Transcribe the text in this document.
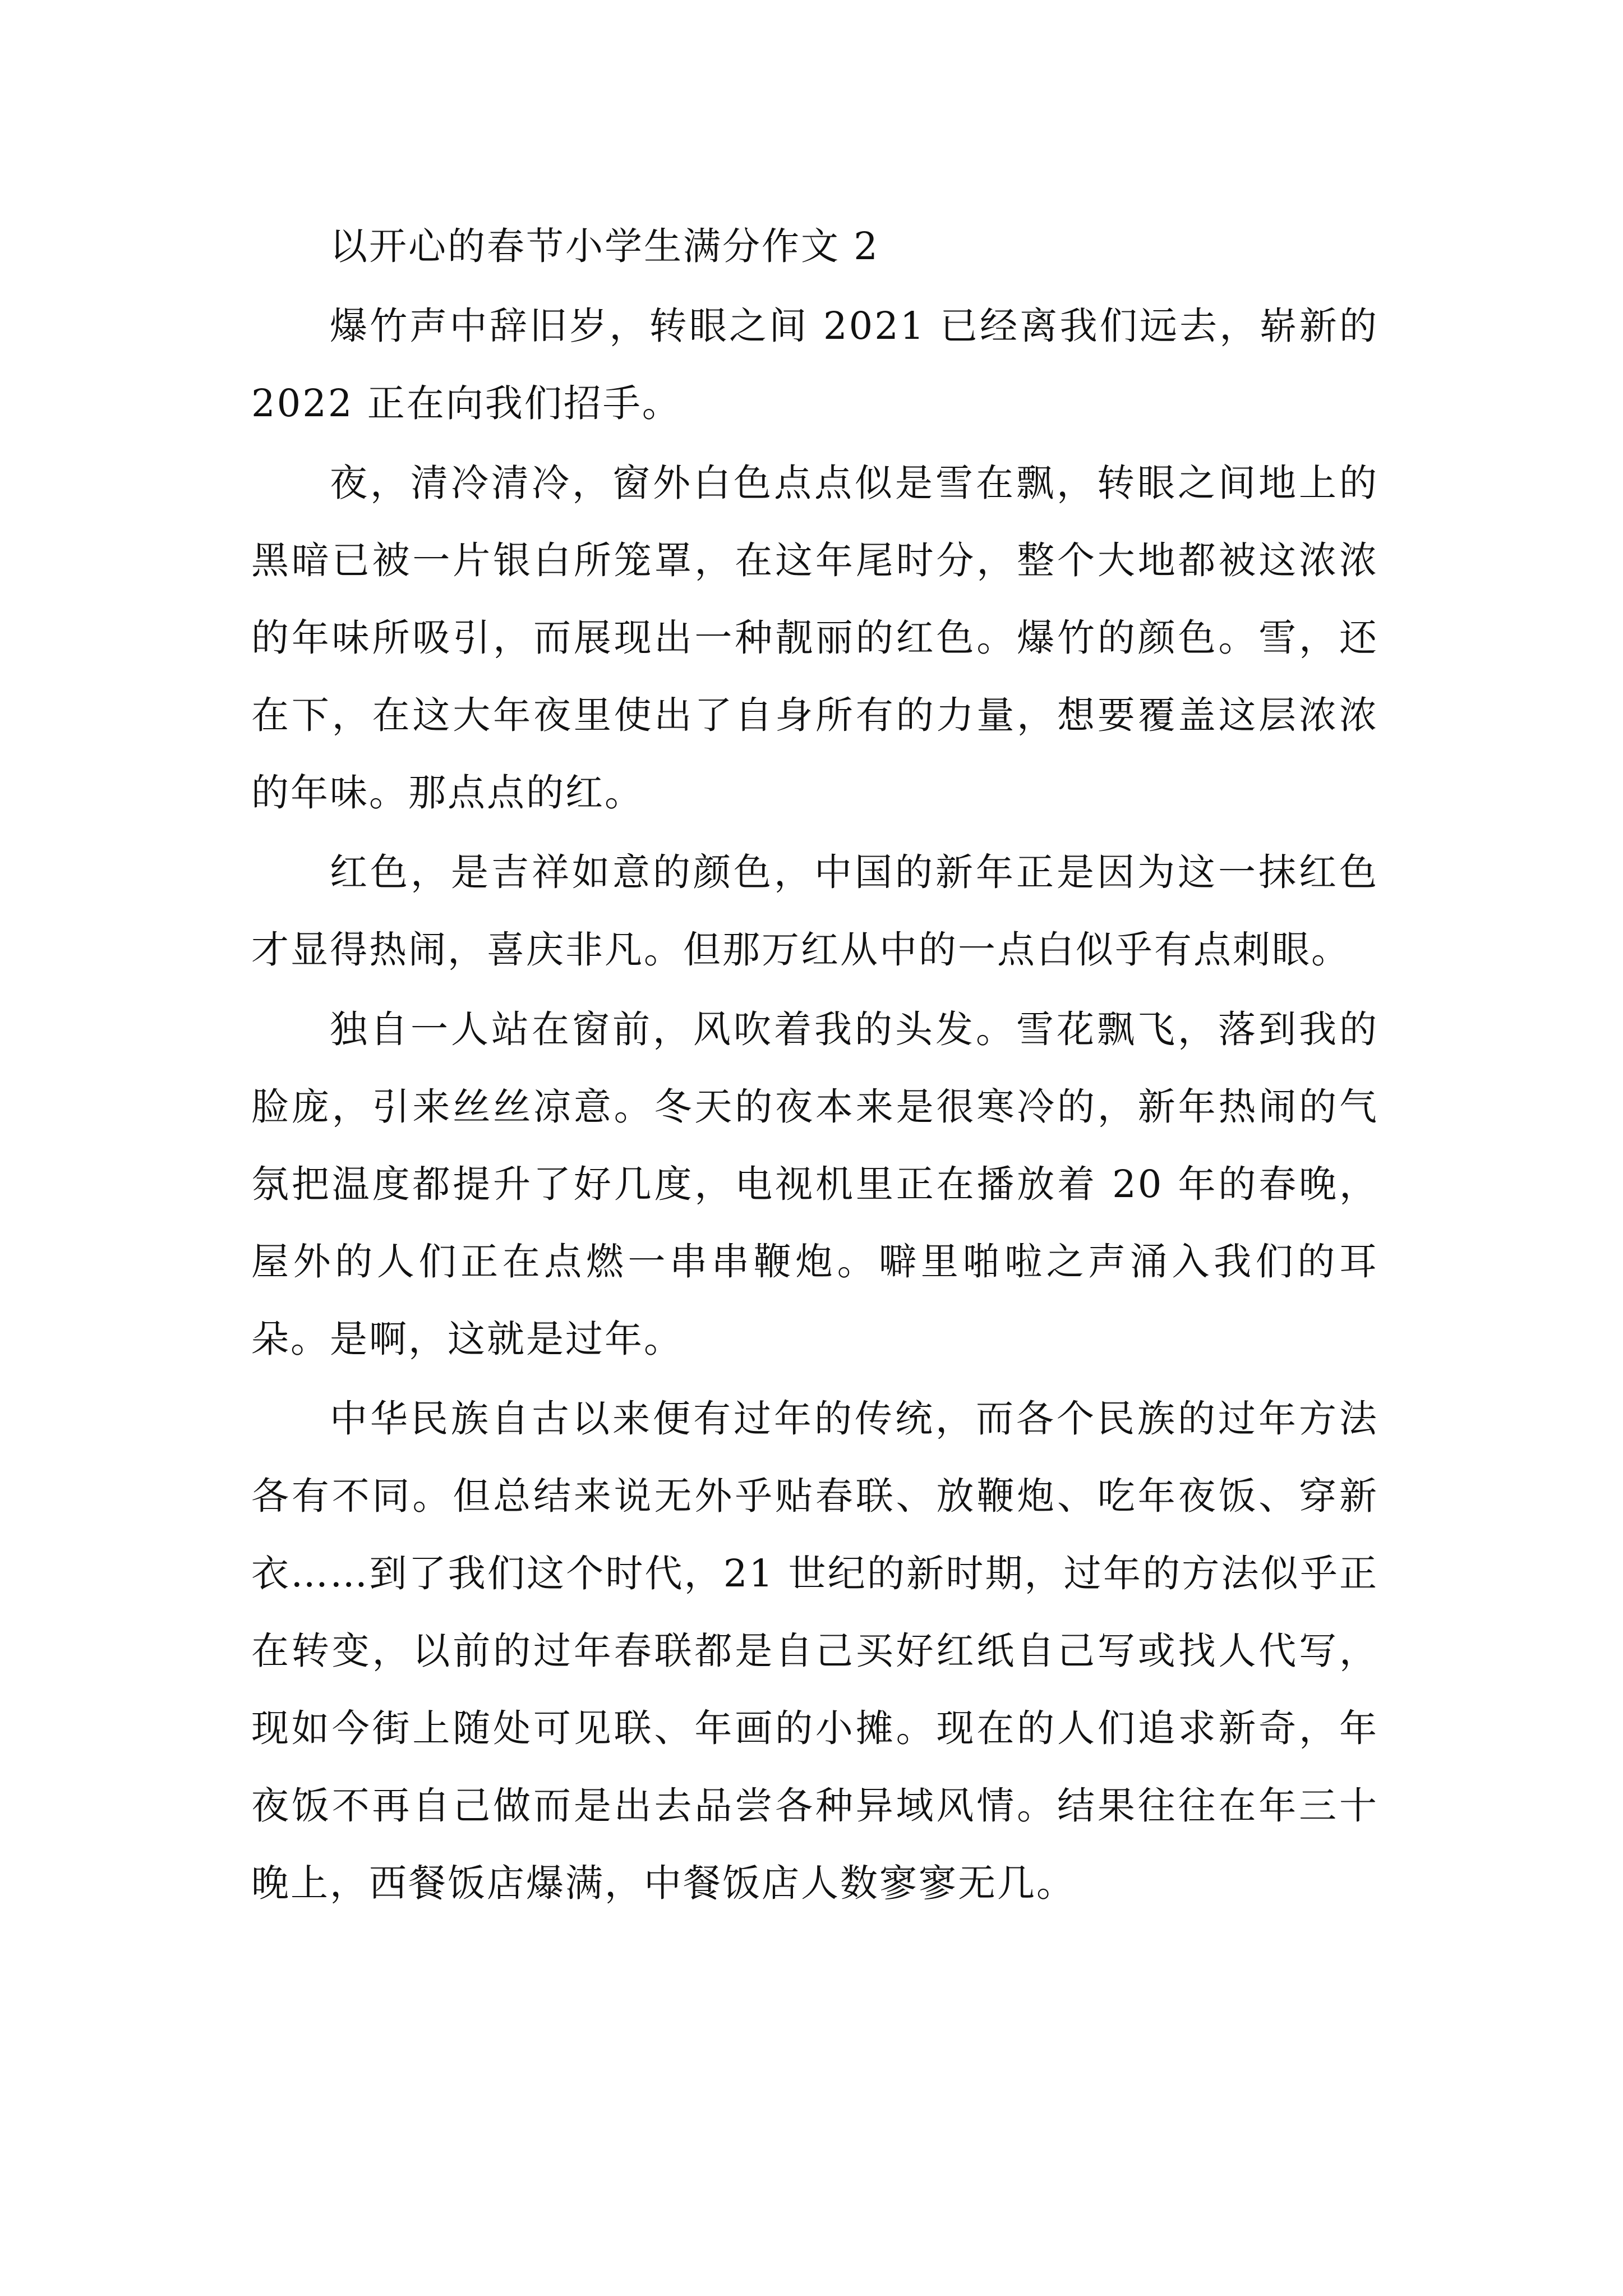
以开心的春节小学生满分作文 2

爆竹声中辞旧岁，转眼之间 2021 已经离我们远去，崭新的 2022 正在向我们招手。

夜，清冷清冷，窗外白色点点似是雪在飘，转眼之间地上的黑暗已被一片银白所笼罩，在这年尾时分，整个大地都被这浓浓的年味所吸引，而展现出一种靓丽的红色。爆竹的颜色。雪，还在下，在这大年夜里使出了自身所有的力量，想要覆盖这层浓浓的年味。那点点的红。

红色，是吉祥如意的颜色，中国的新年正是因为这一抹红色才显得热闹，喜庆非凡。但那万红从中的一点白似乎有点刺眼。

独自一人站在窗前，风吹着我的头发。雪花飘飞，落到我的脸庞，引来丝丝凉意。冬天的夜本来是很寒冷的，新年热闹的气氛把温度都提升了好几度，电视机里正在播放着 20 年的春晚，屋外的人们正在点燃一串串鞭炮。噼里啪啦之声涌入我们的耳朵。是啊，这就是过年。

中华民族自古以来便有过年的传统，而各个民族的过年方法各有不同。但总结来说无外乎贴春联、放鞭炮、吃年夜饭、穿新衣……到了我们这个时代，21 世纪的新时期，过年的方法似乎正在转变，以前的过年春联都是自己买好红纸自己写或找人代写，现如今街上随处可见联、年画的小摊。现在的人们追求新奇，年夜饭不再自己做而是出去品尝各种异域风情。结果往往在年三十晚上，西餐饭店爆满，中餐饭店人数寥寥无几。
